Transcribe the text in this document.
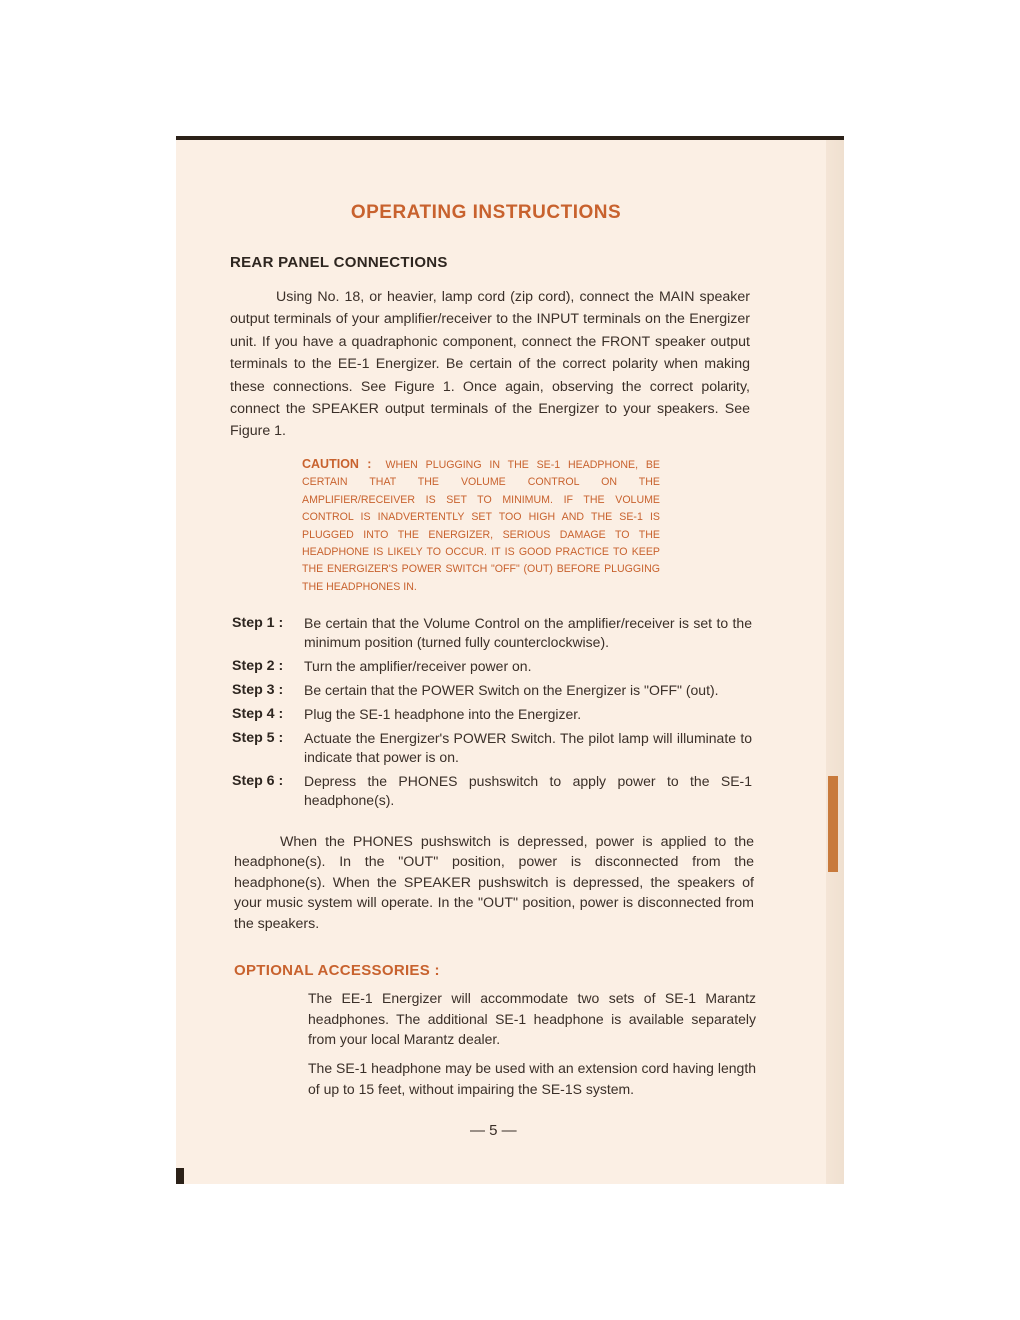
OPERATING INSTRUCTIONS
REAR PANEL CONNECTIONS
Using No. 18, or heavier, lamp cord (zip cord), connect the MAIN speaker output terminals of your amplifier/receiver to the INPUT terminals on the Energizer unit. If you have a quadraphonic component, connect the FRONT speaker output terminals to the EE-1 Energizer. Be certain of the correct polarity when making these connections. See Figure 1. Once again, observing the correct polarity, connect the SPEAKER output terminals of the Energizer to your speakers. See Figure 1.
CAUTION : WHEN PLUGGING IN THE SE-1 HEADPHONE, BE CERTAIN THAT THE VOLUME CONTROL ON THE AMPLIFIER/RECEIVER IS SET TO MINIMUM. IF THE VOLUME CONTROL IS INADVERTENTLY SET TOO HIGH AND THE SE-1 IS PLUGGED INTO THE ENERGIZER, SERIOUS DAMAGE TO THE HEADPHONE IS LIKELY TO OCCUR. IT IS GOOD PRACTICE TO KEEP THE ENERGIZER'S POWER SWITCH "OFF" (OUT) BEFORE PLUGGING THE HEADPHONES IN.
Step 1 :	Be certain that the Volume Control on the amplifier/receiver is set to the minimum position (turned fully counterclockwise).
Step 2 :	Turn the amplifier/receiver power on.
Step 3 :	Be certain that the POWER Switch on the Energizer is "OFF" (out).
Step 4 :	Plug the SE-1 headphone into the Energizer.
Step 5 :	Actuate the Energizer's POWER Switch. The pilot lamp will illuminate to indicate that power is on.
Step 6 :	Depress the PHONES pushswitch to apply power to the SE-1 headphone(s).
When the PHONES pushswitch is depressed, power is applied to the headphone(s). In the "OUT" position, power is disconnected from the headphone(s). When the SPEAKER pushswitch is depressed, the speakers of your music system will operate. In the "OUT" position, power is disconnected from the speakers.
OPTIONAL ACCESSORIES :
The EE-1 Energizer will accommodate two sets of SE-1 Marantz headphones. The additional SE-1 headphone is available separately from your local Marantz dealer.
The SE-1 headphone may be used with an extension cord having length of up to 15 feet, without impairing the SE-1S system.
— 5 —
